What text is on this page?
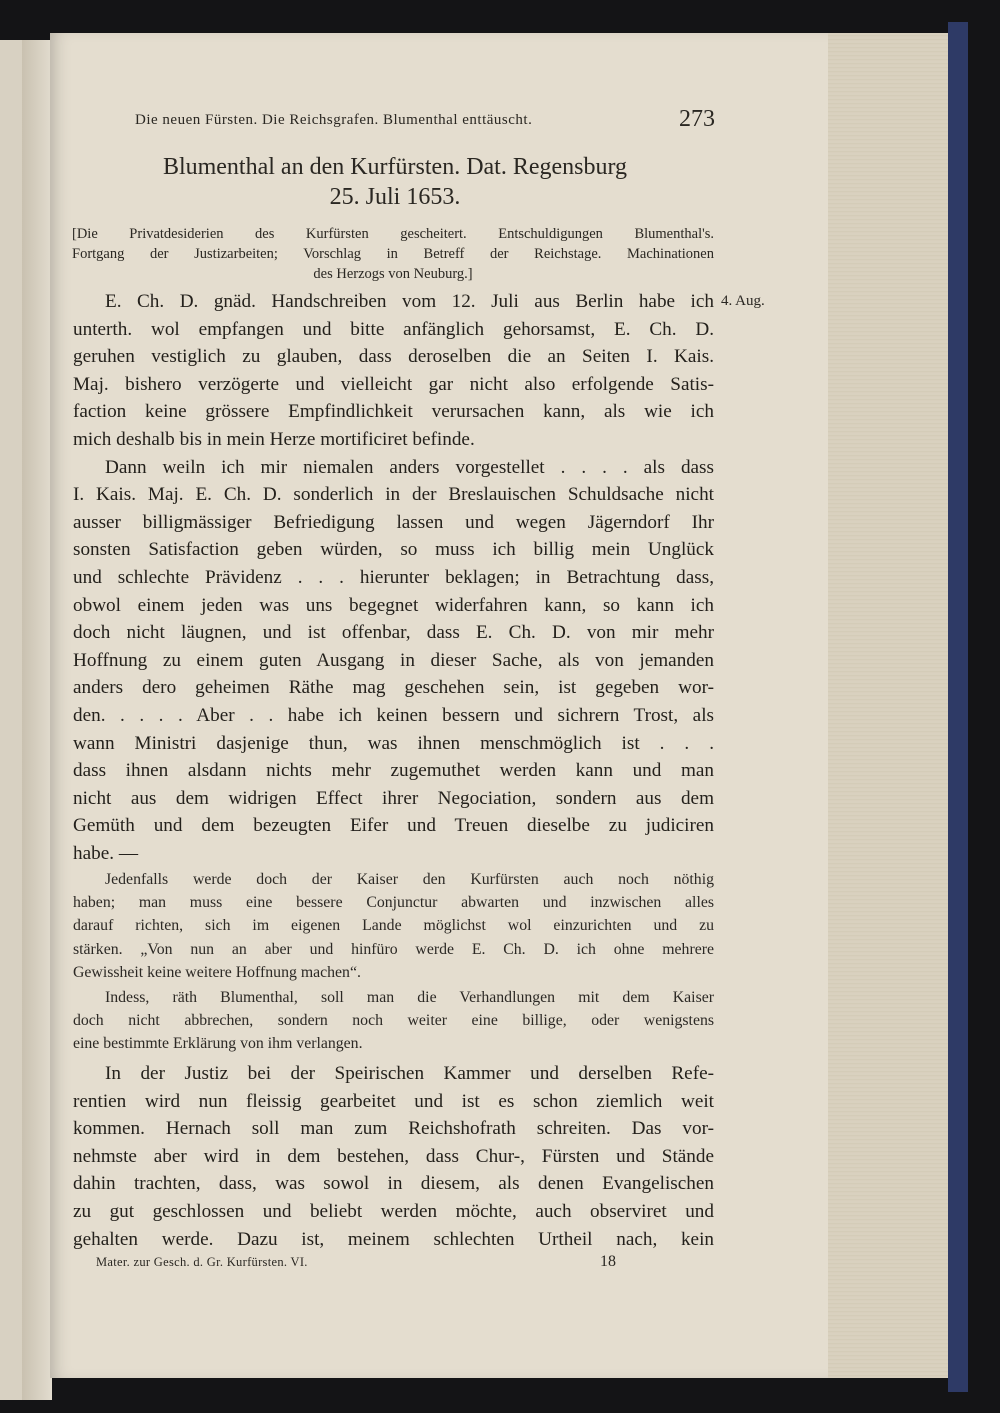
Die neuen Fürsten. Die Reichsgrafen. Blumenthal enttäuscht.	273
Blumenthal an den Kurfürsten. Dat. Regensburg
25. Juli 1653.
[Die Privatdesiderien des Kurfürsten gescheitert. Entschuldigungen Blumenthal's.
Fortgang der Justizarbeiten; Vorschlag in Betreff der Reichstage. Machinationen
des Herzogs von Neuburg.]
4. Aug.
E. Ch. D. gnäd. Handschreiben vom 12. Juli aus Berlin habe ich
unterth. wol empfangen und bitte anfänglich gehorsamst, E. Ch. D.
geruhen vestiglich zu glauben, dass deroselben die an Seiten I. Kais.
Maj. bishero verzögerte und vielleicht gar nicht also erfolgende Satis-
faction keine grössere Empfindlichkeit verursachen kann, als wie ich
mich deshalb bis in mein Herze mortificiret befinde.
Dann weiln ich mir niemalen anders vorgestellet . . . . als dass
I. Kais. Maj. E. Ch. D. sonderlich in der Breslauischen Schuldsache nicht
ausser billigmässiger Befriedigung lassen und wegen Jägerndorf Ihr
sonsten Satisfaction geben würden, so muss ich billig mein Unglück
und schlechte Prävidenz . . . hierunter beklagen; in Betrachtung dass,
obwol einem jeden was uns begegnet widerfahren kann, so kann ich
doch nicht läugnen, und ist offenbar, dass E. Ch. D. von mir mehr
Hoffnung zu einem guten Ausgang in dieser Sache, als von jemanden
anders dero geheimen Räthe mag geschehen sein, ist gegeben wor-
den. . . . . Aber . . habe ich keinen bessern und sichrern Trost, als
wann Ministri dasjenige thun, was ihnen menschmöglich ist . . .
dass ihnen alsdann nichts mehr zugemuthet werden kann und man
nicht aus dem widrigen Effect ihrer Negociation, sondern aus dem
Gemüth und dem bezeugten Eifer und Treuen dieselbe zu judiciren
habe. —
Jedenfalls werde doch der Kaiser den Kurfürsten auch noch nöthig
haben; man muss eine bessere Conjunctur abwarten und inzwischen alles
darauf richten, sich im eigenen Lande möglichst wol einzurichten und zu
stärken. „Von nun an aber und hinfüro werde E. Ch. D. ich ohne mehrere
Gewissheit keine weitere Hoffnung machen“.
Indess, räth Blumenthal, soll man die Verhandlungen mit dem Kaiser
doch nicht abbrechen, sondern noch weiter eine billige, oder wenigstens
eine bestimmte Erklärung von ihm verlangen.
In der Justiz bei der Speirischen Kammer und derselben Refe-
rentien wird nun fleissig gearbeitet und ist es schon ziemlich weit
kommen. Hernach soll man zum Reichshofrath schreiten. Das vor-
nehmste aber wird in dem bestehen, dass Chur-, Fürsten und Stände
dahin trachten, dass, was sowol in diesem, als denen Evangelischen
zu gut geschlossen und beliebt werden möchte, auch observiret und
gehalten werde. Dazu ist, meinem schlechten Urtheil nach, kein
Mater. zur Gesch. d. Gr. Kurfürsten. VI.	18
